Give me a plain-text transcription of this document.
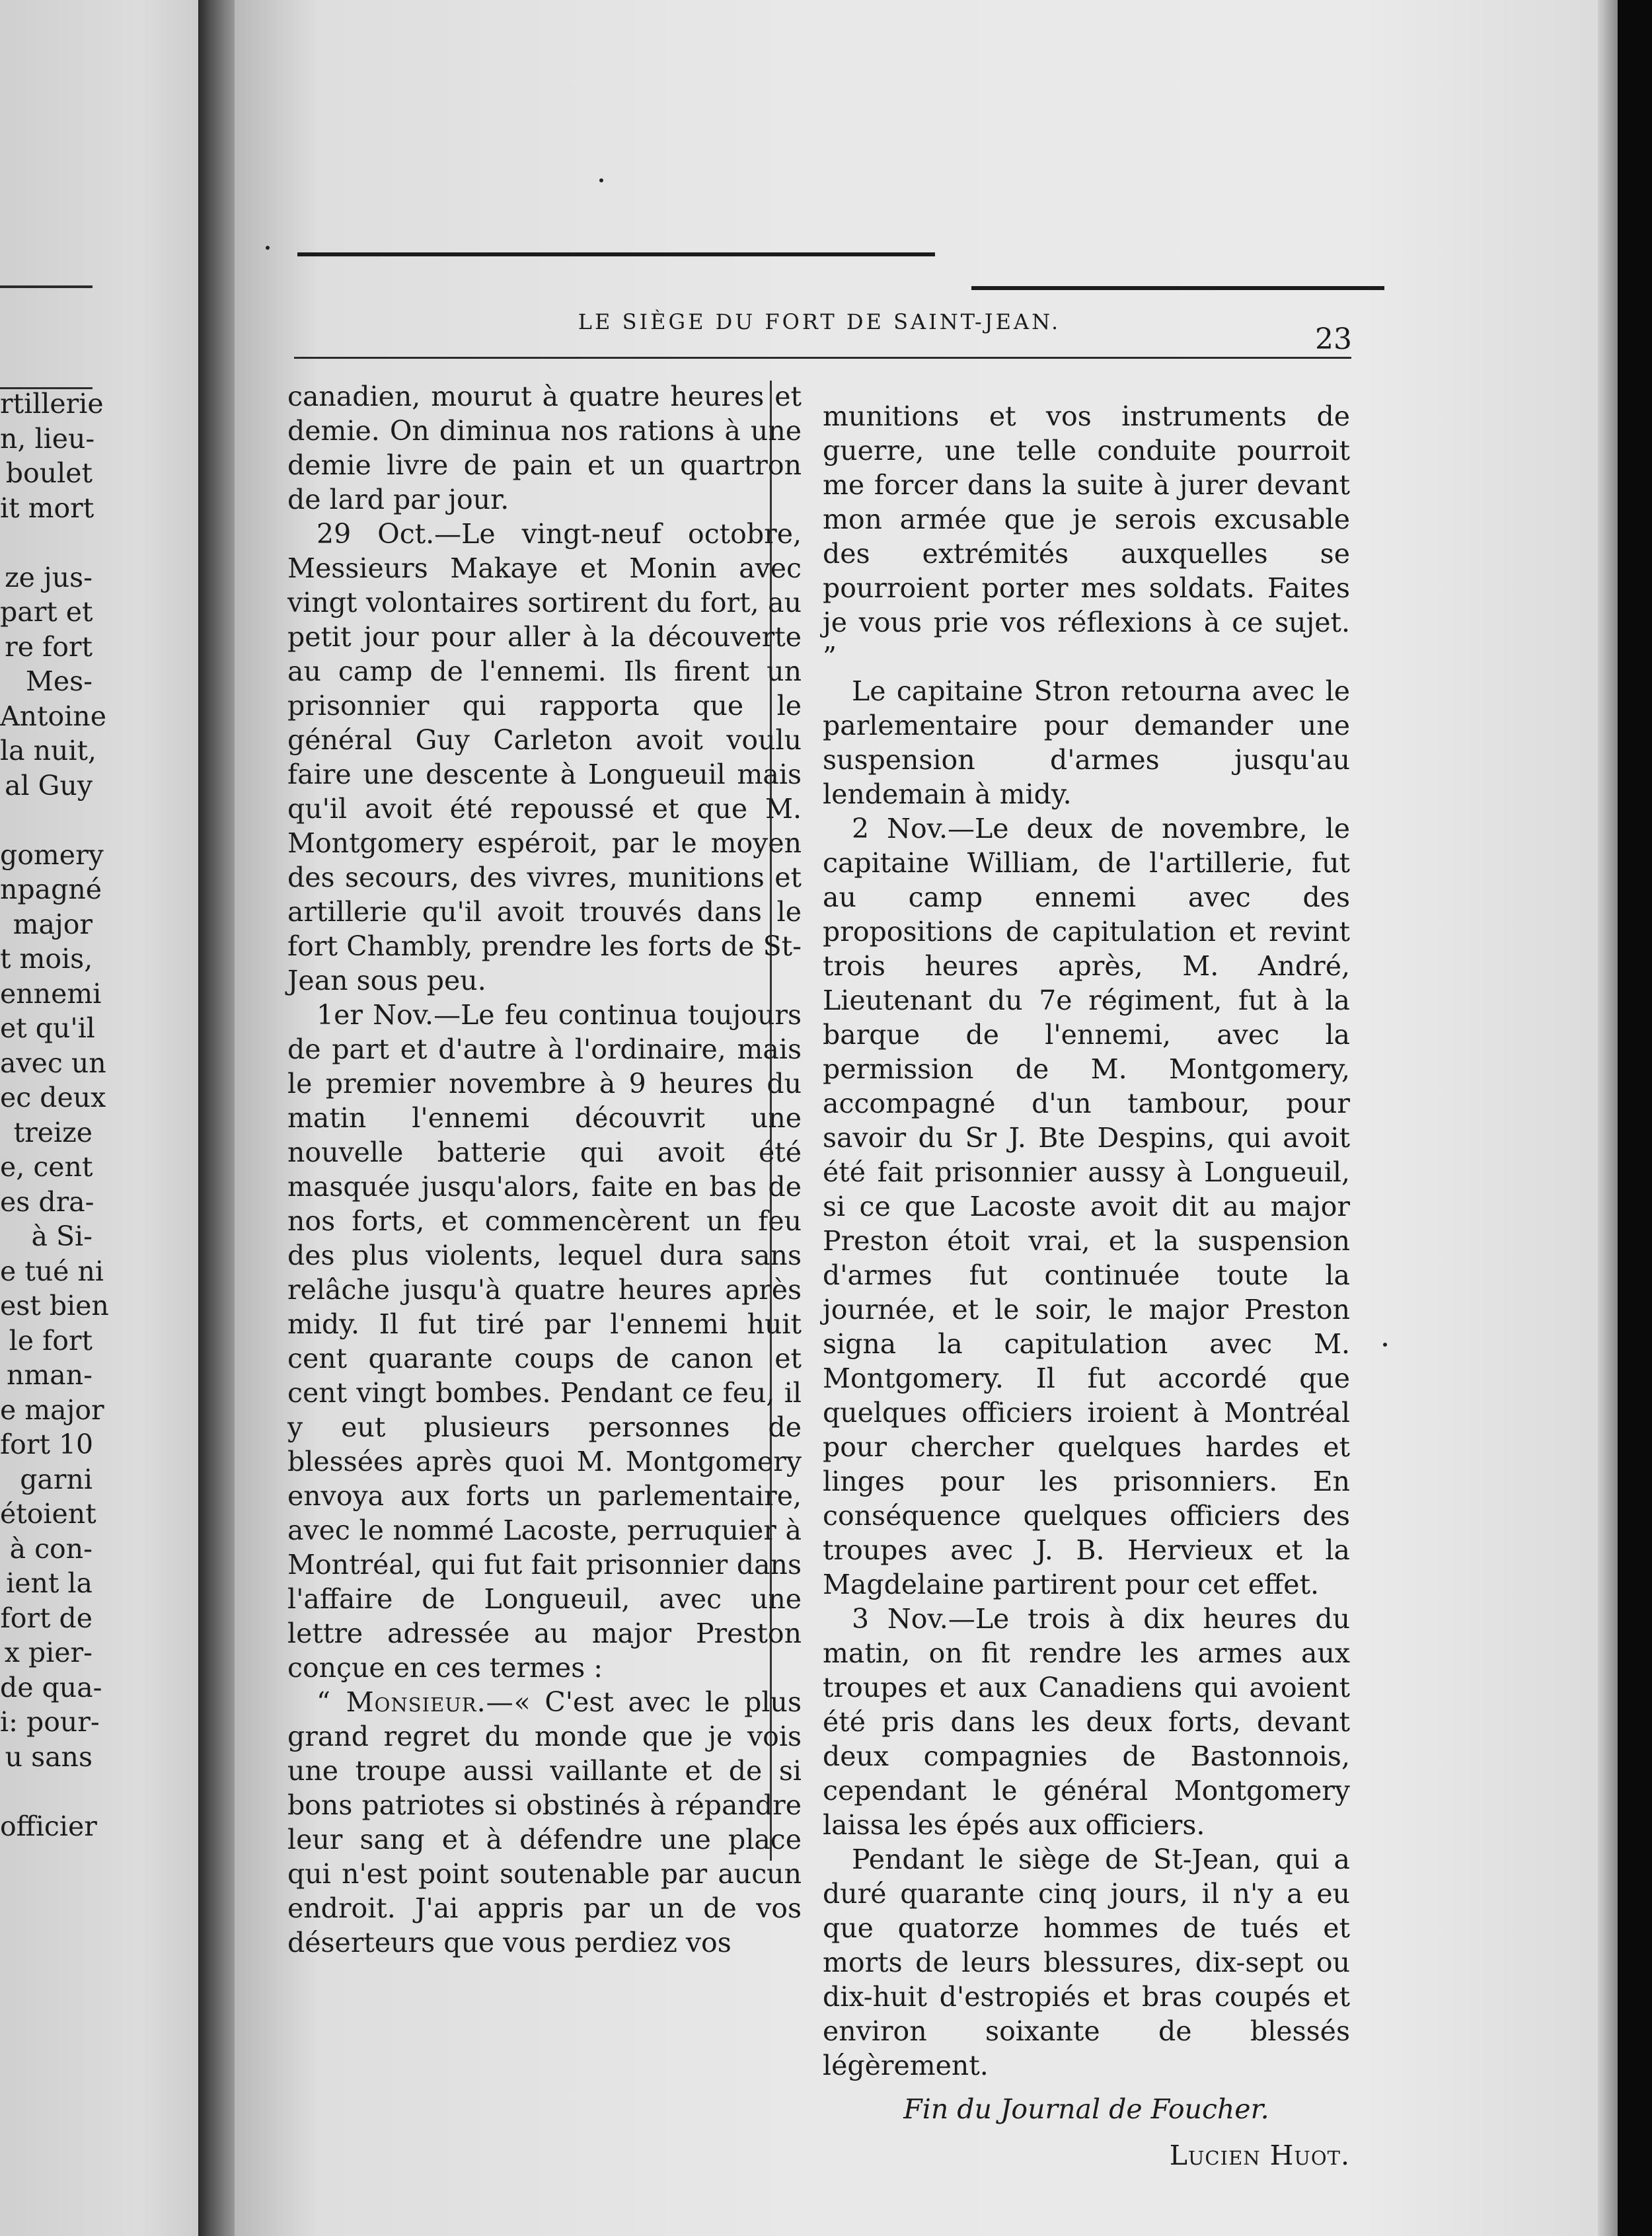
rtillerie
n, lieu-
boulet
it mort

ze jus-
part et
re fort
Mes-
Antoine
la nuit,
al Guy

gomery
npagné
major
t mois,
ennemi
et qu'il
avec un
ec deux
treize
e, cent
es dra-
à Si-
e tué ni
est bien
le fort
nman-
e major
fort 10
garni
étoient
à con-
ient la
fort de
x pier-
de qua-
i: pour-
u sans

officier
LE SIÈGE DU FORT DE SAINT-JEAN.
23

canadien, mourut à quatre heures et demie. On diminua nos rations à une demie livre de pain et un quartron de lard par jour.

29 Oct.—Le vingt-neuf octobre, Messieurs Makaye et Monin avec vingt volontaires sortirent du fort, au petit jour pour aller à la découverte au camp de l'ennemi. Ils firent un prisonnier qui rapporta que le général Guy Carleton avoit voulu faire une descente à Longueuil mais qu'il avoit été repoussé et que M. Montgomery espéroit, par le moyen des secours, des vivres, munitions et artillerie qu'il avoit trouvés dans le fort Chambly, prendre les forts de St-Jean sous peu.

1er Nov.—Le feu continua toujours de part et d'autre à l'ordinaire, mais le premier novembre à 9 heures du matin l'ennemi découvrit une nouvelle batterie qui avoit été masquée jusqu'alors, faite en bas de nos forts, et commencèrent un feu des plus violents, lequel dura sans relâche jusqu'à quatre heures après midy. Il fut tiré par l'ennemi huit cent quarante coups de canon et cent vingt bombes. Pendant ce feu, il y eut plusieurs personnes de blessées après quoi M. Montgomery envoya aux forts un parlementaire, avec le nommé Lacoste, perruquier à Montréal, qui fut fait prisonnier dans l'affaire de Longueuil, avec une lettre adressée au major Preston conçue en ces termes :

“ Monsieur.—« C'est avec le plus grand regret du monde que je vois une troupe aussi vaillante et de si bons patriotes si obstinés à répandre leur sang et à défendre une place qui n'est point soutenable par aucun endroit. J'ai appris par un de vos déserteurs que vous perdiez vos

munitions et vos instruments de guerre, une telle conduite pourroit me forcer dans la suite à jurer devant mon armée que je serois excusable des extrémités auxquelles se pourroient porter mes soldats. Faites je vous prie vos réflexions à ce sujet. ”

Le capitaine Stron retourna avec le parlementaire pour demander une suspension d'armes jusqu'au lendemain à midy.

2 Nov.—Le deux de novembre, le capitaine William, de l'artillerie, fut au camp ennemi avec des propositions de capitulation et revint trois heures après, M. André, Lieutenant du 7e régiment, fut à la barque de l'ennemi, avec la permission de M. Montgomery, accompagné d'un tambour, pour savoir du Sr J. Bte Despins, qui avoit été fait prisonnier aussy à Longueuil, si ce que Lacoste avoit dit au major Preston étoit vrai, et la suspension d'armes fut continuée toute la journée, et le soir, le major Preston signa la capitulation avec M. Montgomery. Il fut accordé que quelques officiers iroient à Montréal pour chercher quelques hardes et linges pour les prisonniers. En conséquence quelques officiers des troupes avec J. B. Hervieux et la Magdelaine partirent pour cet effet.

3 Nov.—Le trois à dix heures du matin, on fit rendre les armes aux troupes et aux Canadiens qui avoient été pris dans les deux forts, devant deux compagnies de Bastonnois, cependant le général Montgomery laissa les épés aux officiers.

Pendant le siège de St-Jean, qui a duré quarante cinq jours, il n'y a eu que quatorze hommes de tués et morts de leurs blessures, dix-sept ou dix-huit d'estropiés et bras coupés et environ soixante de blessés légèrement.

Fin du Journal de Foucher.

Lucien Huot.
